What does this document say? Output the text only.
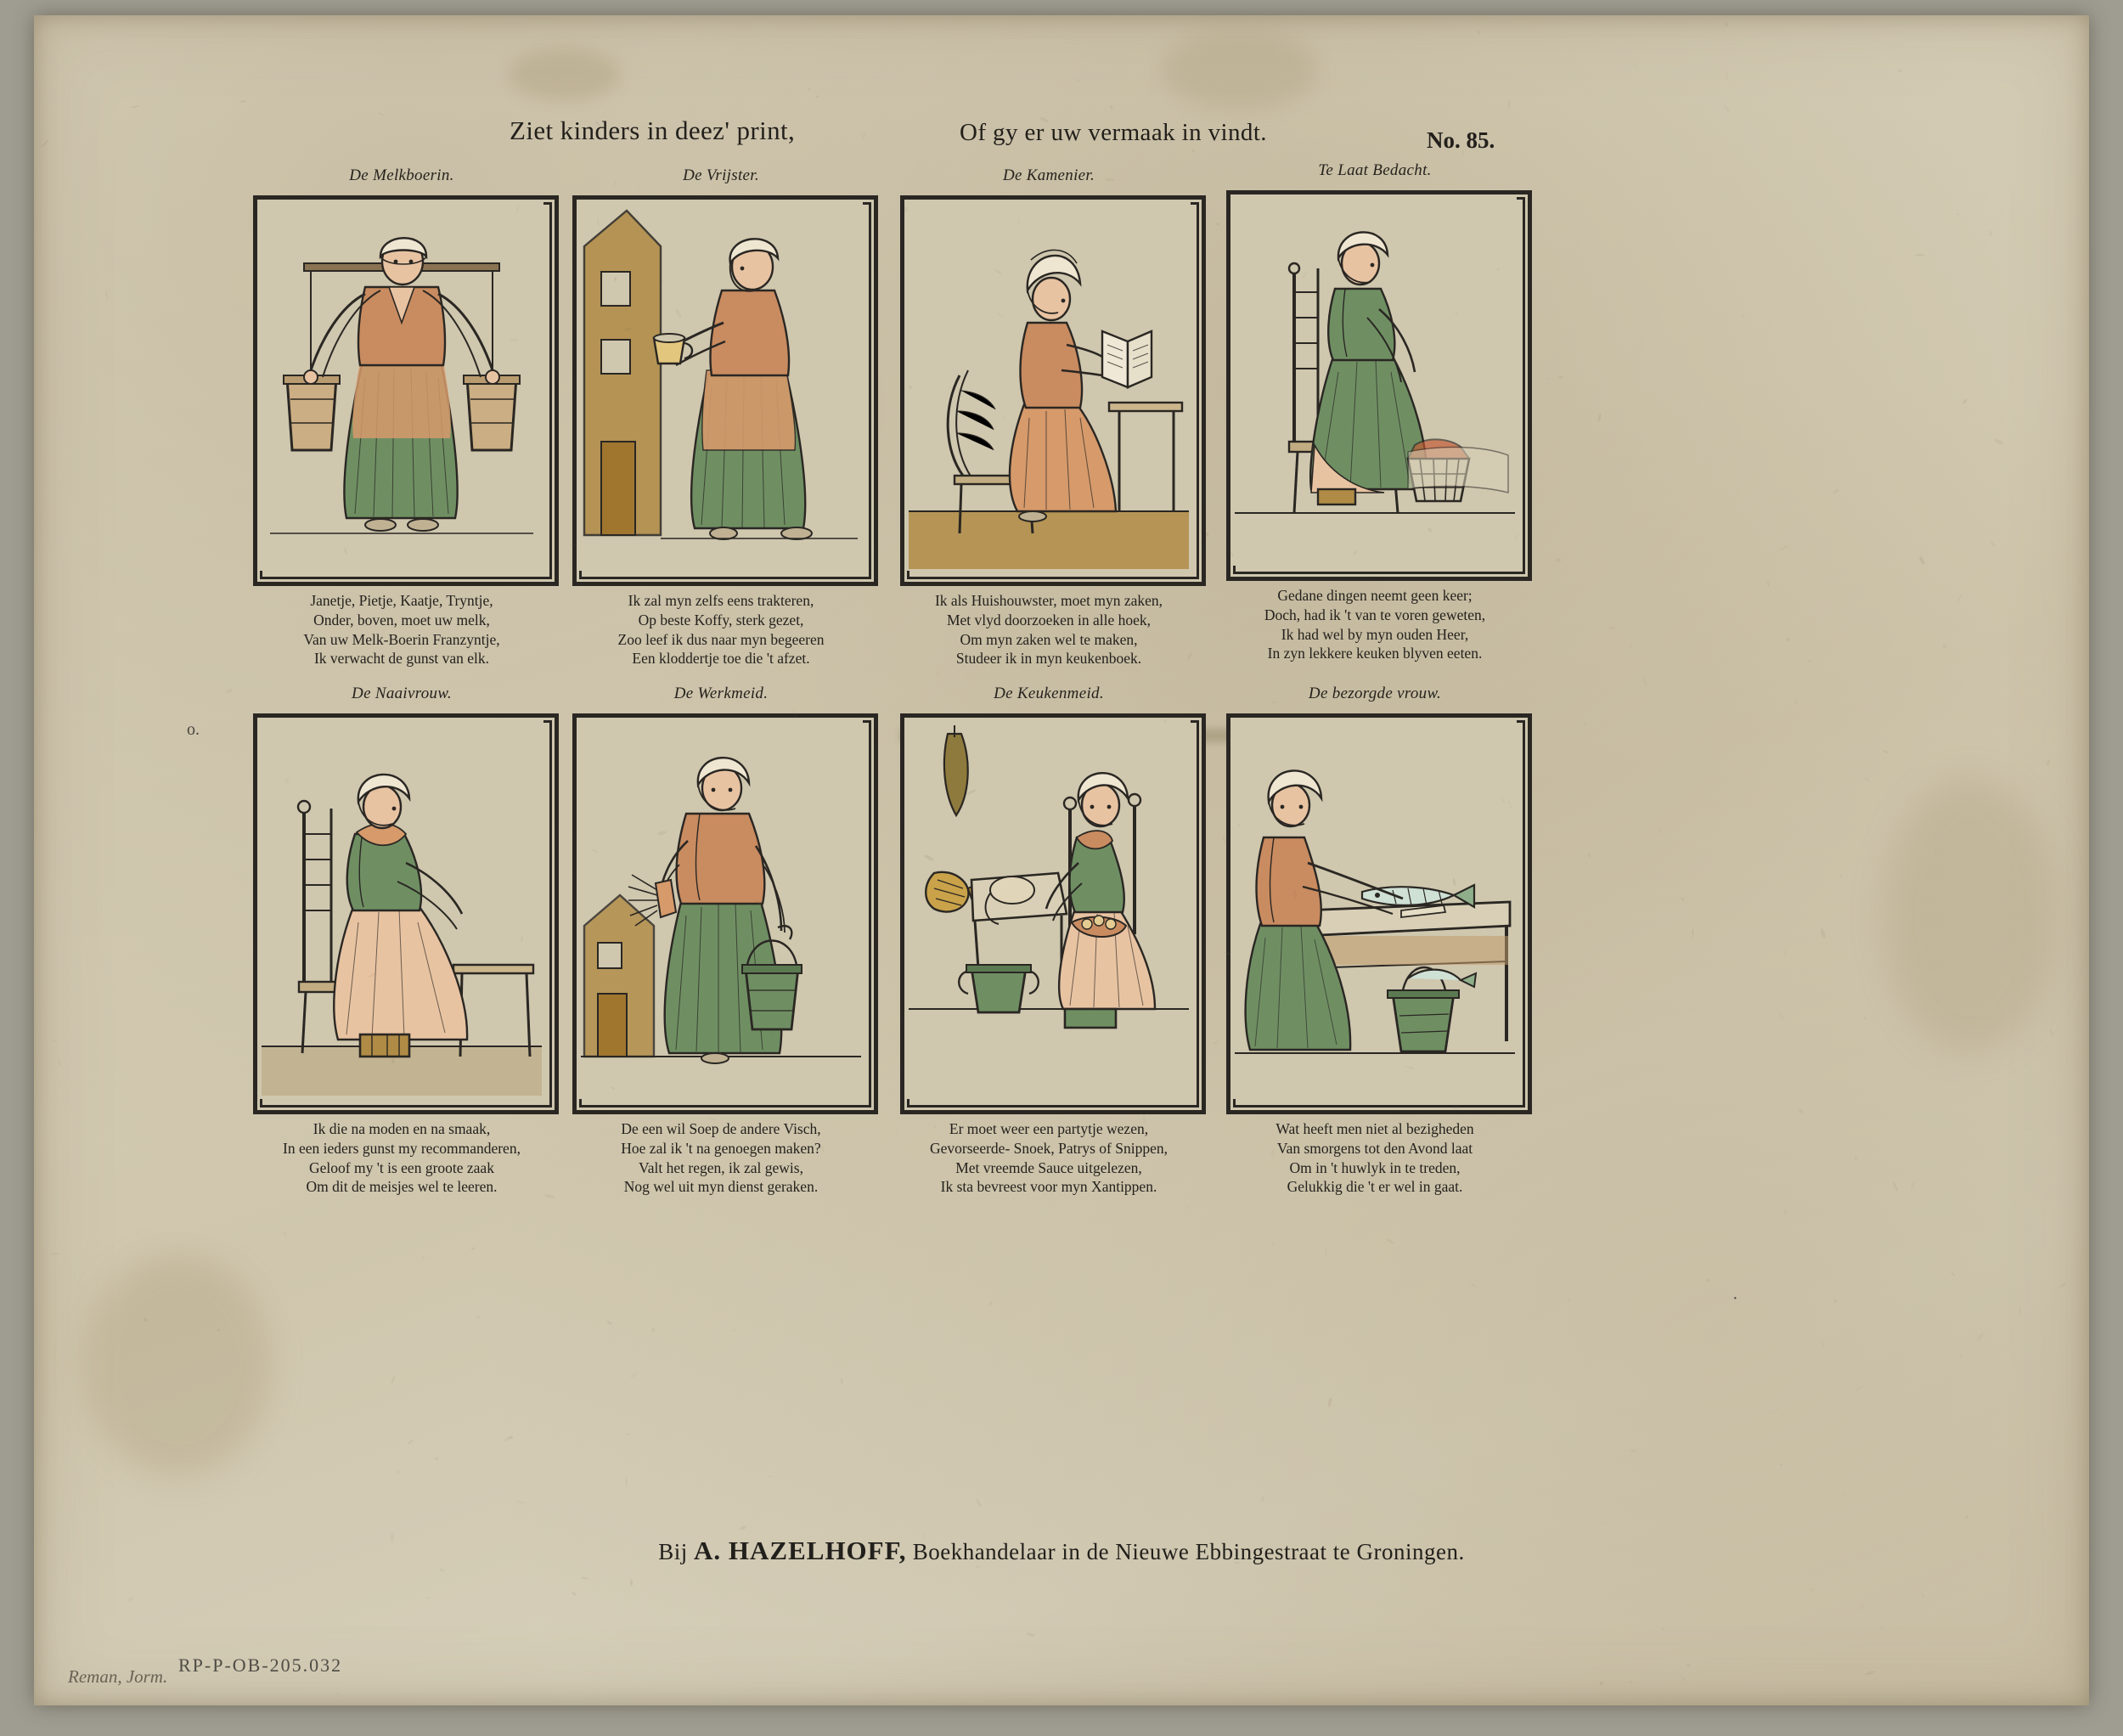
Ziet kinders in deez' print,	Of gy er uw vermaak in vindt.	No. 85.
De Melkboerin.
Janetje, Pietje, Kaatje, Tryntje,
Onder, boven, moet uw melk,
Van uw Melk-Boerin Franzyntje,
Ik verwacht de gunst van elk.
De Vrijster.
Ik zal myn zelfs eens trakteren,
Op beste Koffy, sterk gezet,
Zoo leef ik dus naar myn begeeren
Een kloddertje toe die 't afzet.
De Kamenier.
Ik als Huishouwster, moet myn zaken,
Met vlyd doorzoeken in alle hoek,
Om myn zaken wel te maken,
Studeer ik in myn keukenboek.
Te Laat Bedacht.
Gedane dingen neemt geen keer;
Doch, had ik 't van te voren geweten,
Ik had wel by myn ouden Heer,
In zyn lekkere keuken blyven eeten.
De Naaivrouw.
Ik die na moden en na smaak,
In een ieders gunst my recommanderen,
Geloof my 't is een groote zaak
Om dit de meisjes wel te leeren.
De Werkmeid.
De een wil Soep de andere Visch,
Hoe zal ik 't na genoegen maken?
Valt het regen, ik zal gewis,
Nog wel uit myn dienst geraken.
De Keukenmeid.
Er moet weer een partytje wezen,
Gevorseerde- Snoek, Patrys of Snippen,
Met vreemde Sauce uitgelezen,
Ik sta bevreest voor myn Xantippen.
De bezorgde vrouw.
Wat heeft men niet al bezigheden
Van smorgens tot den Avond laat
Om in 't huwlyk in te treden,
Gelukkig die 't er wel in gaat.
Bij A. HAZELHOFF, Boekhandelaar in de Nieuwe Ebbingestraat te Groningen.
RP-P-OB-205.032
Reman, Jorm.
o.
·
